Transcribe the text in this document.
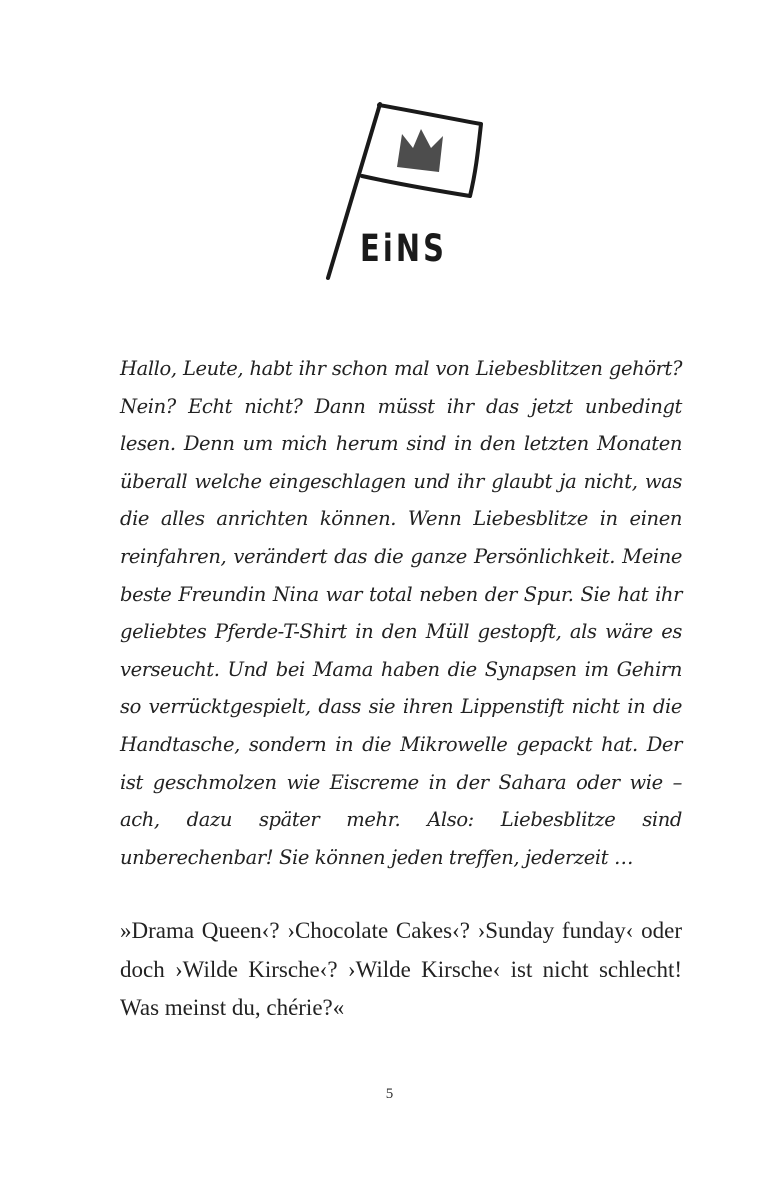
EiNS

Hallo, Leute, habt ihr schon mal von Liebesblitzen gehört? Nein? Echt nicht? Dann müsst ihr das jetzt unbedingt lesen. Denn um mich herum sind in den letzten Monaten überall welche eingeschlagen und ihr glaubt ja nicht, was die alles anrichten können. Wenn Liebesblitze in einen reinfahren, verändert das die ganze Persönlichkeit. Meine beste Freundin Nina war total neben der Spur. Sie hat ihr geliebtes Pferde-T-Shirt in den Müll gestopft, als wäre es verseucht. Und bei Mama haben die Synapsen im Gehirn so verrücktgespielt, dass sie ihren Lippenstift nicht in die Handtasche, sondern in die Mikrowelle gepackt hat. Der ist geschmolzen wie Eiscreme in der Sahara oder wie – ach, dazu später mehr. Also: Liebesblitze sind unberechenbar! Sie können jeden treffen, jederzeit …

»Drama Queen‹? ›Chocolate Cakes‹? ›Sunday funday‹ oder doch ›Wilde Kirsche‹? ›Wilde Kirsche‹ ist nicht schlecht! Was meinst du, chérie?«

5
